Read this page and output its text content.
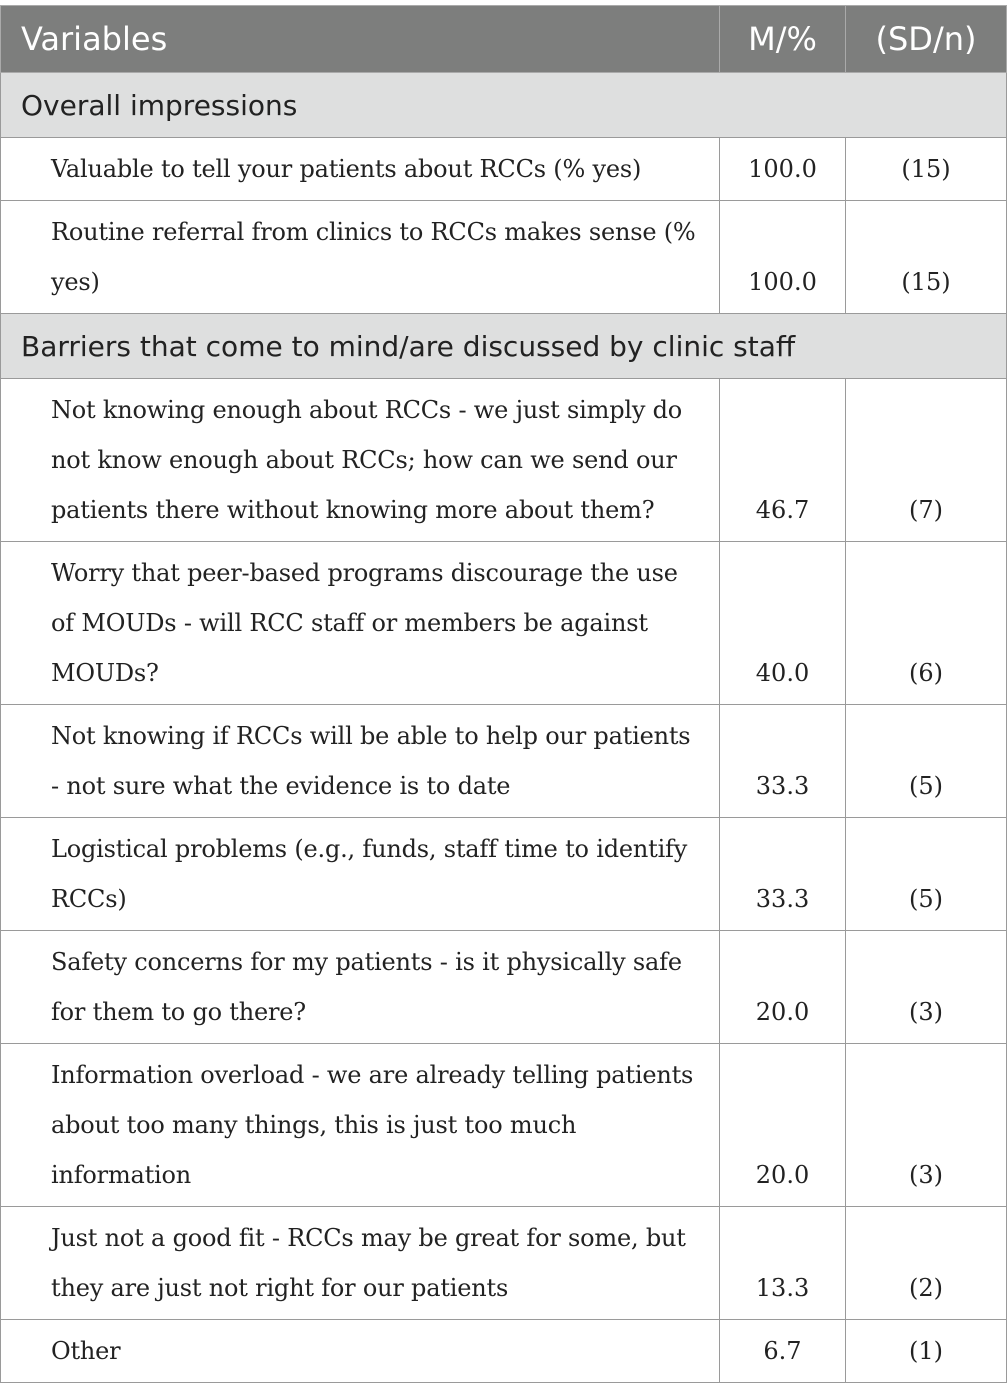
Variables	M/%	(SD/n)
Overall impressions		
Valuable to tell your patients about RCCs (% yes)	100.0	(15)
Routine referral from clinics to RCCs makes sense (% yes)	100.0	(15)
Barriers that come to mind/are discussed by clinic staff		
Not knowing enough about RCCs - we just simply do not know enough about RCCs; how can we send our patients there without knowing more about them?	46.7	(7)
Worry that peer-based programs discourage the use of MOUDs - will RCC staff or members be against MOUDs?	40.0	(6)
Not knowing if RCCs will be able to help our patients - not sure what the evidence is to date	33.3	(5)
Logistical problems (e.g., funds, staff time to identify RCCs)	33.3	(5)
Safety concerns for my patients - is it physically safe for them to go there?	20.0	(3)
Information overload - we are already telling patients about too many things, this is just too much information	20.0	(3)
Just not a good fit - RCCs may be great for some, but they are just not right for our patients	13.3	(2)
Other	6.7	(1)
